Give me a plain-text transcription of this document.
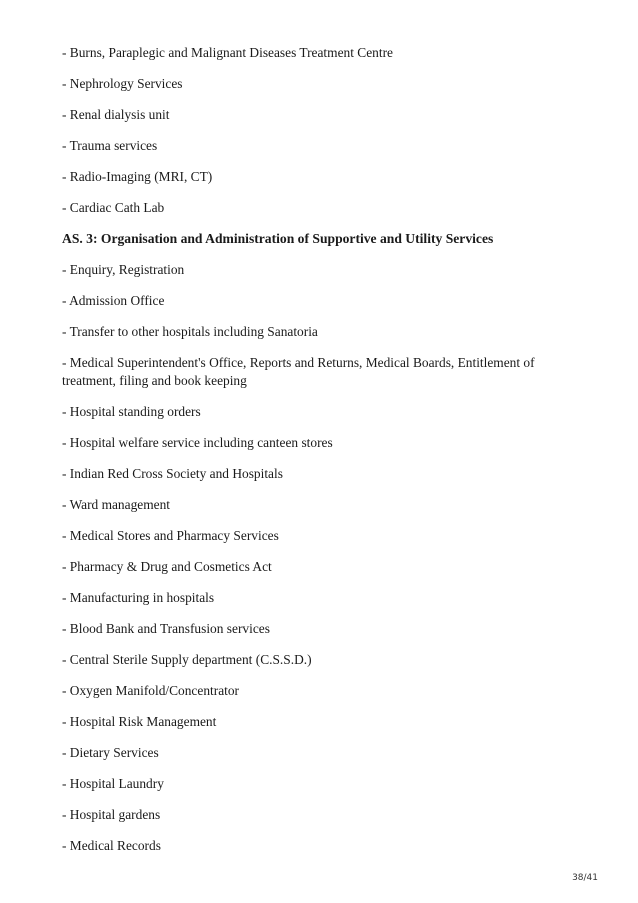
- Burns, Paraplegic and Malignant Diseases Treatment Centre

- Nephrology Services

- Renal dialysis unit

- Trauma services

- Radio-Imaging (MRI, CT)

- Cardiac Cath Lab

AS. 3: Organisation and Administration of Supportive and Utility Services

- Enquiry, Registration

- Admission Office

- Transfer to other hospitals including Sanatoria

- Medical Superintendent's Office, Reports and Returns, Medical Boards, Entitlement of treatment, filing and book keeping

- Hospital standing orders

- Hospital welfare service including canteen stores

- Indian Red Cross Society and Hospitals

- Ward management

- Medical Stores and Pharmacy Services

- Pharmacy & Drug and Cosmetics Act

- Manufacturing in hospitals

- Blood Bank and Transfusion services

- Central Sterile Supply department (C.S.S.D.)

- Oxygen Manifold/Concentrator

- Hospital Risk Management

- Dietary Services

- Hospital Laundry

- Hospital gardens

- Medical Records

38/41
